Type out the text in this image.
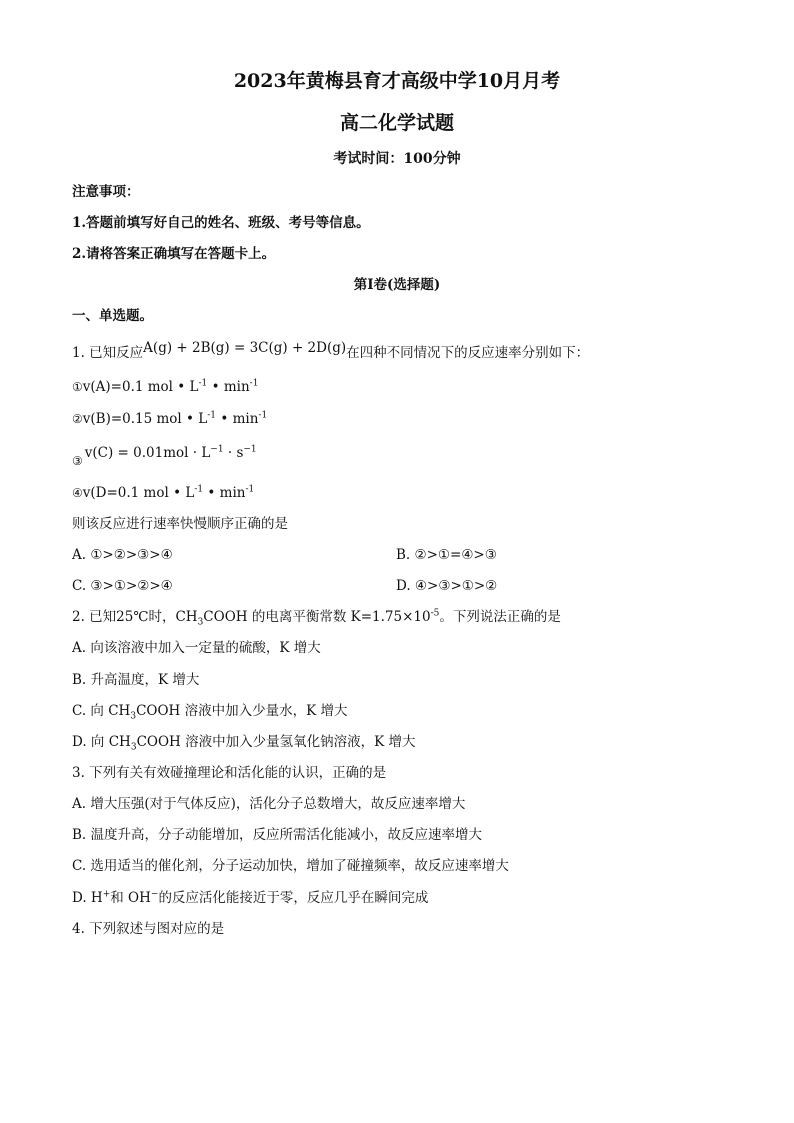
2023年黄梅县育才高级中学10月月考
高二化学试题
考试时间：100分钟
注意事项：
1.答题前填写好自己的姓名、班级、考号等信息。
2.请将答案正确填写在答题卡上。
第I卷(选择题)
一、单选题。
1. 已知反应A(g) + 2B(g) = 3C(g) + 2D(g)在四种不同情况下的反应速率分别如下：
①v(A)=0.1 mol • $L^{-1}$ • $\min^{-1}$
②v(B)=0.15 mol • $L^{-1}$ • $\min^{-1}$
③ $v(C) = 0.01mol \cdot L^{-1} \cdot s^{-1}$
④v(D=0.1 mol • $L^{-1}$ • $\min^{-1}$
则该反应进行速率快慢顺序正确的是
A. ①>②>③>④	B. ②>①=④>③
C. ③>①>②>④	D. ④>③>①>②
2. 已知25℃时，$CH_3COOH$ 的电离平衡常数 $K=1.75\times 10^{-5}$。下列说法正确的是
A. 向该溶液中加入一定量的硫酸，K 增大
B. 升高温度，K 增大
C. 向 $CH_3COOH$ 溶液中加入少量水，K 增大
D. 向 $CH_3COOH$ 溶液中加入少量氢氧化钠溶液，K 增大
3. 下列有关有效碰撞理论和活化能的认识，正确的是
A. 增大压强(对于气体反应)，活化分子总数增大，故反应速率增大
B. 温度升高，分子动能增加，反应所需活化能减小，故反应速率增大
C. 选用适当的催化剂，分子运动加快，增加了碰撞频率，故反应速率增大
D. H+和 OH−的反应活化能接近于零，反应几乎在瞬间完成
4. 下列叙述与图对应的是
